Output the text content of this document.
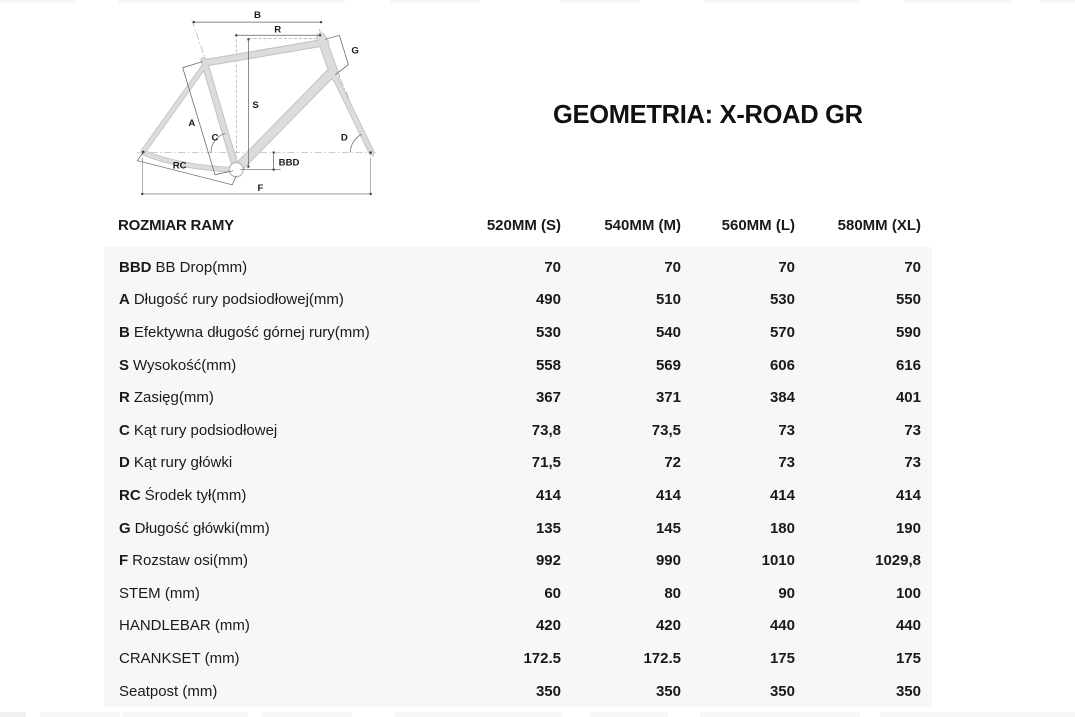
B
R
G
S
A
C	D
BBD
RC
F
GEOMETRIA: X-ROAD GR
ROZMIAR RAMY	520MM (S)	540MM (M)	560MM (L)	580MM (XL)
BBD BB Drop(mm)	70	70	70	70
A Długość rury podsiodłowej(mm)	490	510	530	550
B Efektywna długość górnej rury(mm)	530	540	570	590
S Wysokość(mm)	558	569	606	616
R Zasięg(mm)	367	371	384	401
C Kąt rury podsiodłowej	73,8	73,5	73	73
D Kąt rury główki	71,5	72	73	73
RC Środek tył(mm)	414	414	414	414
G Długość główki(mm)	135	145	180	190
F Rozstaw osi(mm)	992	990	1010	1029,8
STEM (mm)	60	80	90	100
HANDLEBAR (mm)	420	420	440	440
CRANKSET (mm)	172.5	172.5	175	175
Seatpost (mm)	350	350	350	350
